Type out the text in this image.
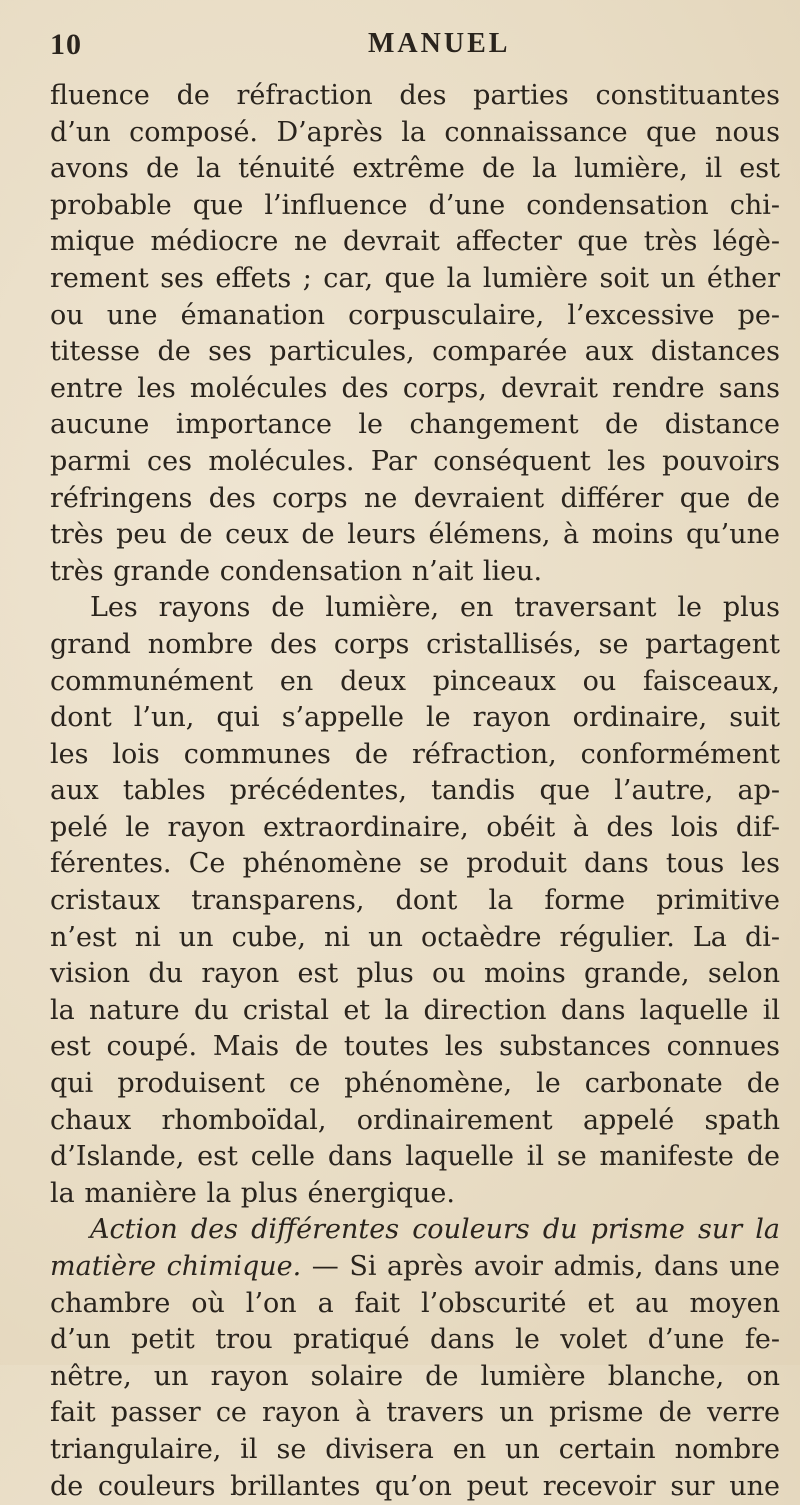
10	MANUEL
fluence de réfraction des parties constituantes
d’un composé. D’après la connaissance que nous
avons de la ténuité extrême de la lumière, il est
probable que l’influence d’une condensation chi-
mique médiocre ne devrait affecter que très légè-
rement ses effets ; car, que la lumière soit un éther
ou une émanation corpusculaire, l’excessive pe-
titesse de ses particules, comparée aux distances
entre les molécules des corps, devrait rendre sans
aucune importance le changement de distance
parmi ces molécules. Par conséquent les pouvoirs
réfringens des corps ne devraient différer que de
très peu de ceux de leurs élémens, à moins qu’une
très grande condensation n’ait lieu.
Les rayons de lumière, en traversant le plus
grand nombre des corps cristallisés, se partagent
communément en deux pinceaux ou faisceaux,
dont l’un, qui s’appelle le rayon ordinaire, suit
les lois communes de réfraction, conformément
aux tables précédentes, tandis que l’autre, ap-
pelé le rayon extraordinaire, obéit à des lois dif-
férentes. Ce phénomène se produit dans tous les
cristaux transparens, dont la forme primitive
n’est ni un cube, ni un octaèdre régulier. La di-
vision du rayon est plus ou moins grande, selon
la nature du cristal et la direction dans laquelle il
est coupé. Mais de toutes les substances connues
qui produisent ce phénomène, le carbonate de
chaux rhomboïdal, ordinairement appelé spath
d’Islande, est celle dans laquelle il se manifeste de
la manière la plus énergique.
Action des différentes couleurs du prisme sur la
matière chimique. — Si après avoir admis, dans une
chambre où l’on a fait l’obscurité et au moyen
d’un petit trou pratiqué dans le volet d’une fe-
nêtre, un rayon solaire de lumière blanche, on
fait passer ce rayon à travers un prisme de verre
triangulaire, il se divisera en un certain nombre
de couleurs brillantes qu’on peut recevoir sur une
